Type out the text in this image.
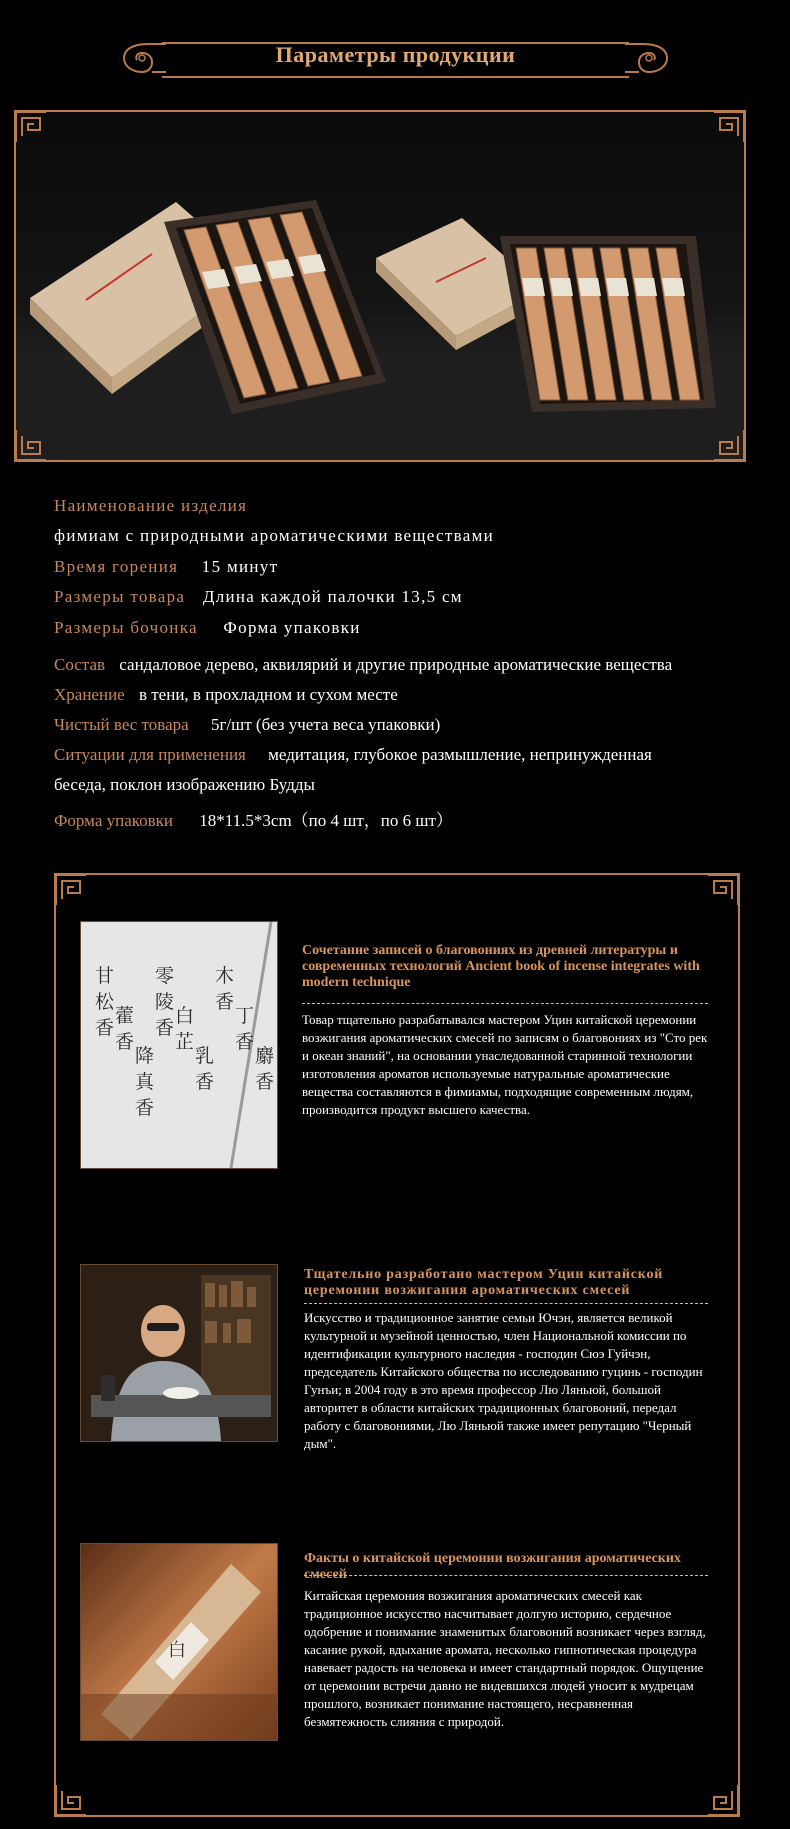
Параметры продукции
Наименование изделия
фимиам с природными ароматическими веществами
Время горения 15 минут
Размеры товара Длина каждой палочки 13,5 см
Размеры бочонка Форма упаковки
Состав сандаловое дерево, аквилярий и другие природные ароматические вещества
Хранение в тени, в прохладном и сухом месте
Чистый вес товара 5г/шт (без учета веса упаковки)
Ситуации для применения медитация, глубокое размышление, непринужденная
беседа, поклон изображению Будды
Форма упаковки 18*11.5*3cm（по 4 шт，по 6 шт）
甘
松
香
藿
香
降
真
香
零
陵
香
白
芷
乳
香
木
香
丁
香
麝
香
Сочетание записей о благовониях из древней литературы и современных технологий Ancient book of incense integrates with modern technique
Товар тщательно разрабатывался мастером Уцин китайской церемонии возжигания ароматических смесей по записям о благовониях из "Сто рек и океан знаний", на основании унаследованной старинной технологии изготовления ароматов используемые натуральные ароматические вещества составляются в фимиамы, подходящие современным людям, производится продукт высшего качества.
Тщательно разработано мастером Уцин китайской церемонии возжигания ароматических смесей
Искусство и традиционное занятие семьи Ючэн, является великой культурной и музейной ценностью, член Национальной комиссии по идентификации культурного наследия - господин Сюэ Гуйчэн, председатель Китайского общества по исследованию гуцинь - господин Гунъи; в 2004 году в это время профессор Лю Ляньюй, большой авторитет в области китайских традиционных благовоний, передал работу с благовониями, Лю Ляньюй также имеет репутацию "Черный дым".
白
Факты о китайской церемонии возжигания ароматических смесей
Китайская церемония возжигания ароматических смесей как традиционное искусство насчитывает долгую историю, сердечное одобрение и понимание знаменитых благовоний возникает через взгляд, касание рукой, вдыхание аромата, несколько гипнотическая процедура навевает радость на человека и имеет стандартный порядок. Ощущение от церемонии встречи давно не видевшихся людей уносит к мудрецам прошлого, возникает понимание настоящего, несравненная безмятежность слияния с природой.
